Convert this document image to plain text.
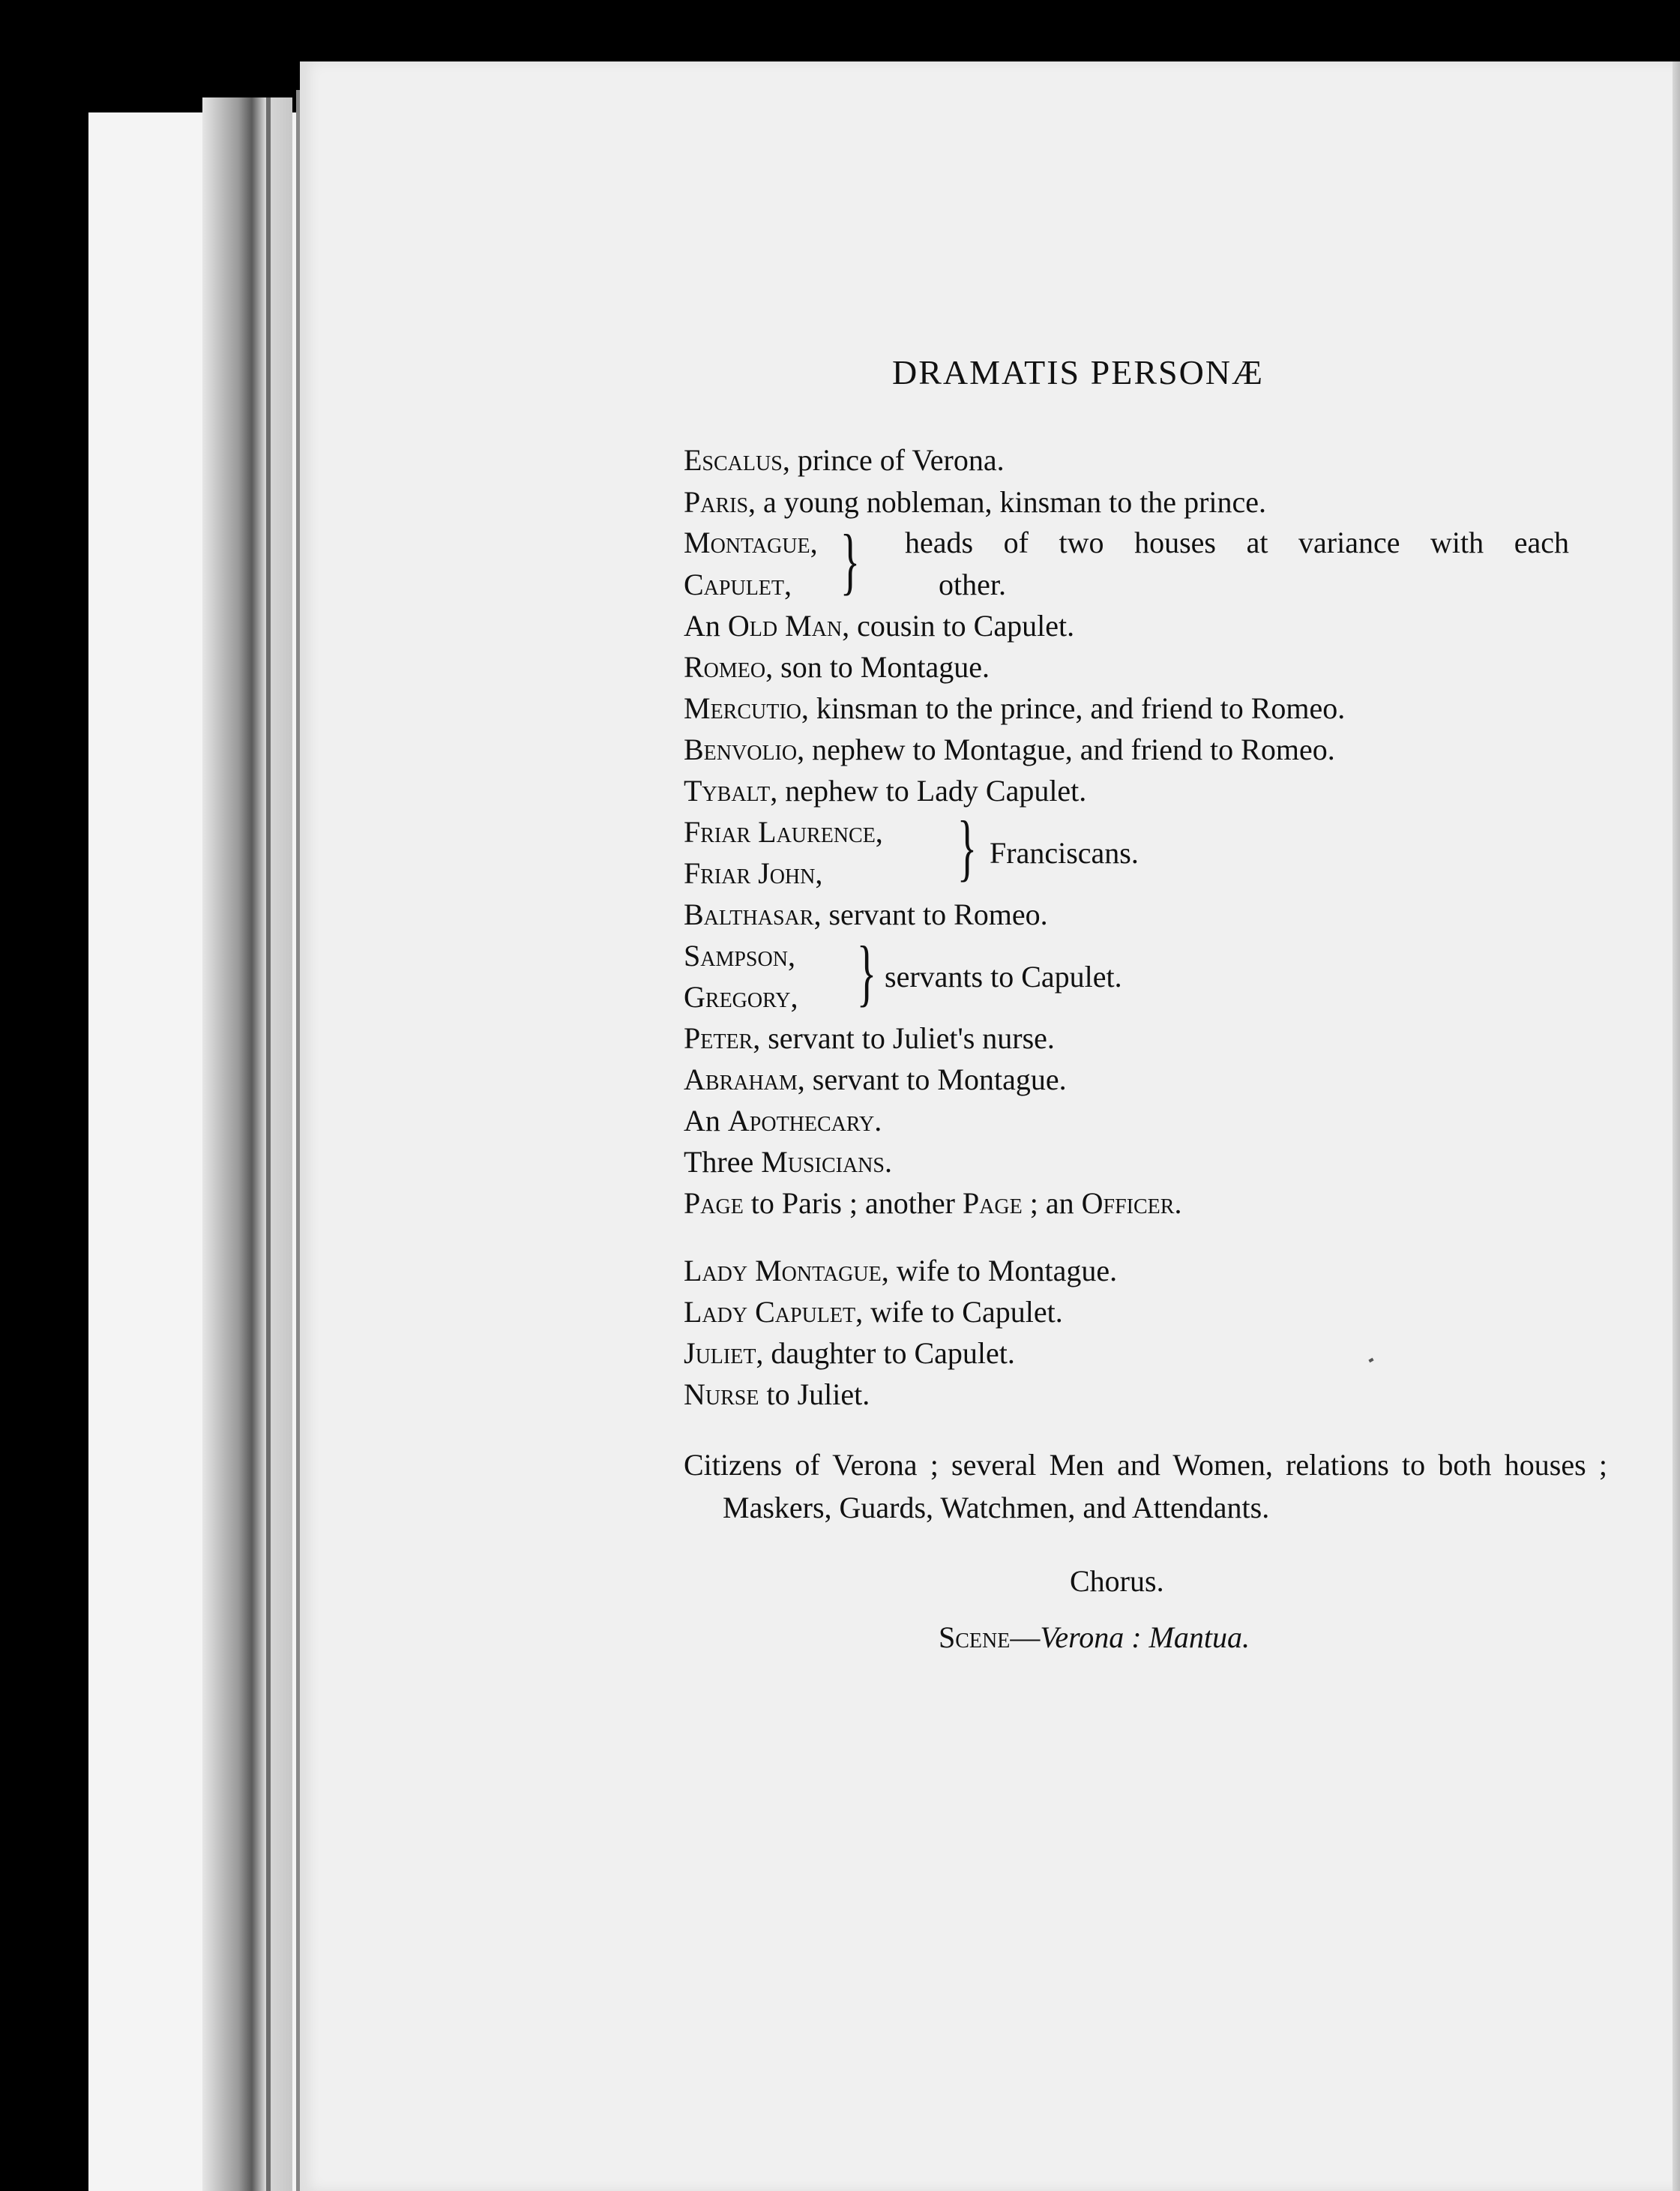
DRAMATIS PERSONÆ
Escalus, prince of Verona.
Paris, a young nobleman, kinsman to the prince.
Montague,
Capulet, } heads of two houses at variance with each
other.
An Old Man, cousin to Capulet.
Romeo, son to Montague.
Mercutio, kinsman to the prince, and friend to Romeo.
Benvolio, nephew to Montague, and friend to Romeo.
Tybalt, nephew to Lady Capulet.
Friar Laurence,
Friar John, } Franciscans.
Balthasar, servant to Romeo.
Sampson,
Gregory, } servants to Capulet.
Peter, servant to Juliet's nurse.
Abraham, servant to Montague.
An Apothecary.
Three Musicians.
Page to Paris ; another Page ; an Officer.
Lady Montague, wife to Montague.
Lady Capulet, wife to Capulet.
Juliet, daughter to Capulet.
Nurse to Juliet.
Citizens of Verona ; several Men and Women, relations to both houses ; Maskers, Guards, Watchmen, and Attendants.
Chorus.
Scene—Verona : Mantua.
